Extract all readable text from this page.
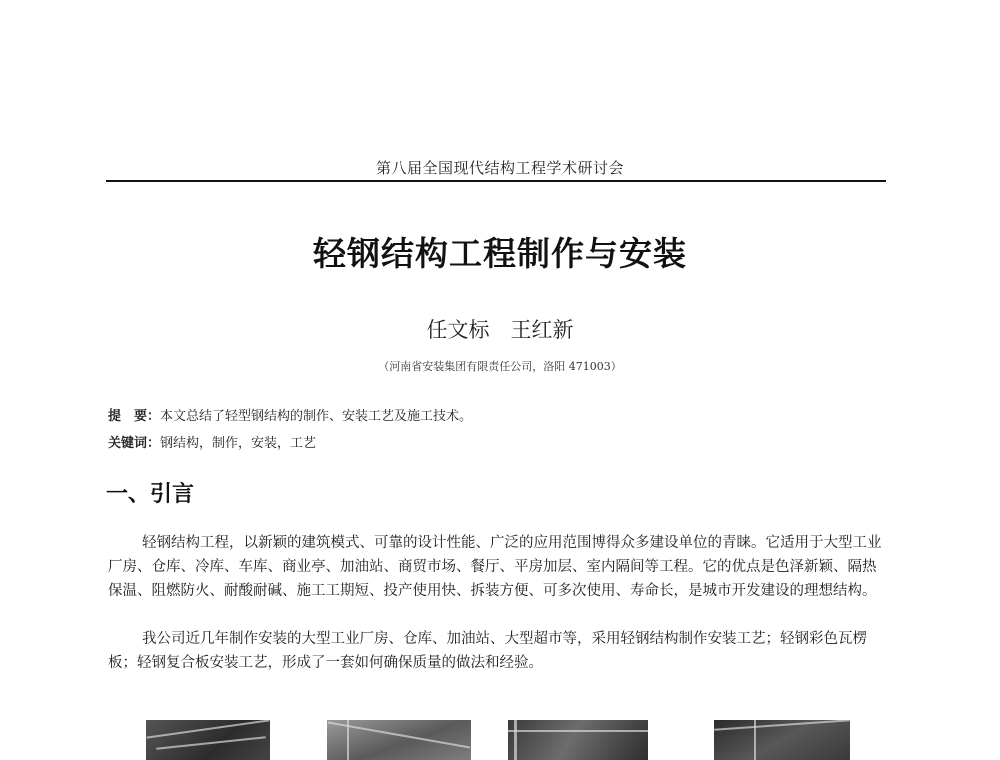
第八届全国现代结构工程学术研讨会
轻钢结构工程制作与安装
任文标　王红新
（河南省安装集团有限责任公司，洛阳 471003）
提　要：本文总结了轻型钢结构的制作、安装工艺及施工技术。
关键词：钢结构，制作，安装，工艺
一、引言
轻钢结构工程，以新颖的建筑模式、可靠的设计性能、广泛的应用范围博得众多建设单位的青睐。它适用于大型工业厂房、仓库、冷库、车库、商业亭、加油站、商贸市场、餐厅、平房加层、室内隔间等工程。它的优点是色泽新颖、隔热保温、阻燃防火、耐酸耐碱、施工工期短、投产使用快、拆装方便、可多次使用、寿命长，是城市开发建设的理想结构。
我公司近几年制作安装的大型工业厂房、仓库、加油站、大型超市等，采用轻钢结构制作安装工艺；轻钢彩色瓦楞板；轻钢复合板安装工艺，形成了一套如何确保质量的做法和经验。
